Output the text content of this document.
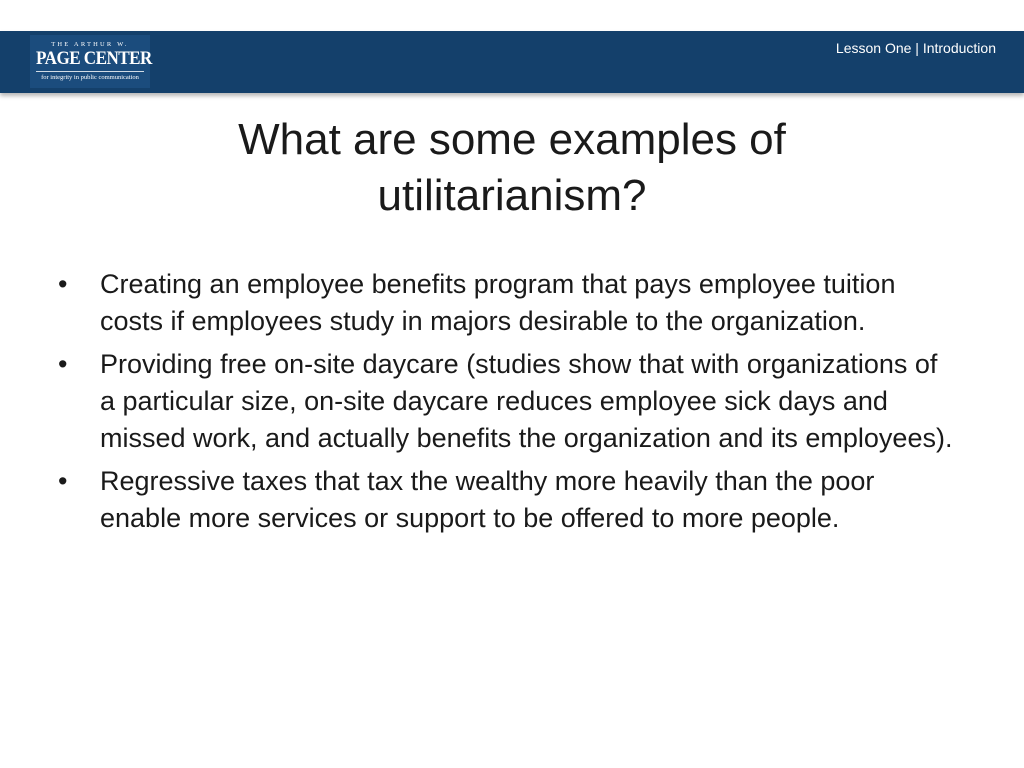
THE ARTHUR W.
PAGE CENTER
for integrity in public communication
Lesson One | Introduction
What are some examples of utilitarianism?
•	Creating an employee benefits program that pays employee tuition costs if employees study in majors desirable to the organization.
•	Providing free on-site daycare (studies show that with organizations of a particular size, on-site daycare reduces employee sick days and missed work, and actually benefits the organization and its employees).
•	Regressive taxes that tax the wealthy more heavily than the poor enable more services or support to be offered to more people.
